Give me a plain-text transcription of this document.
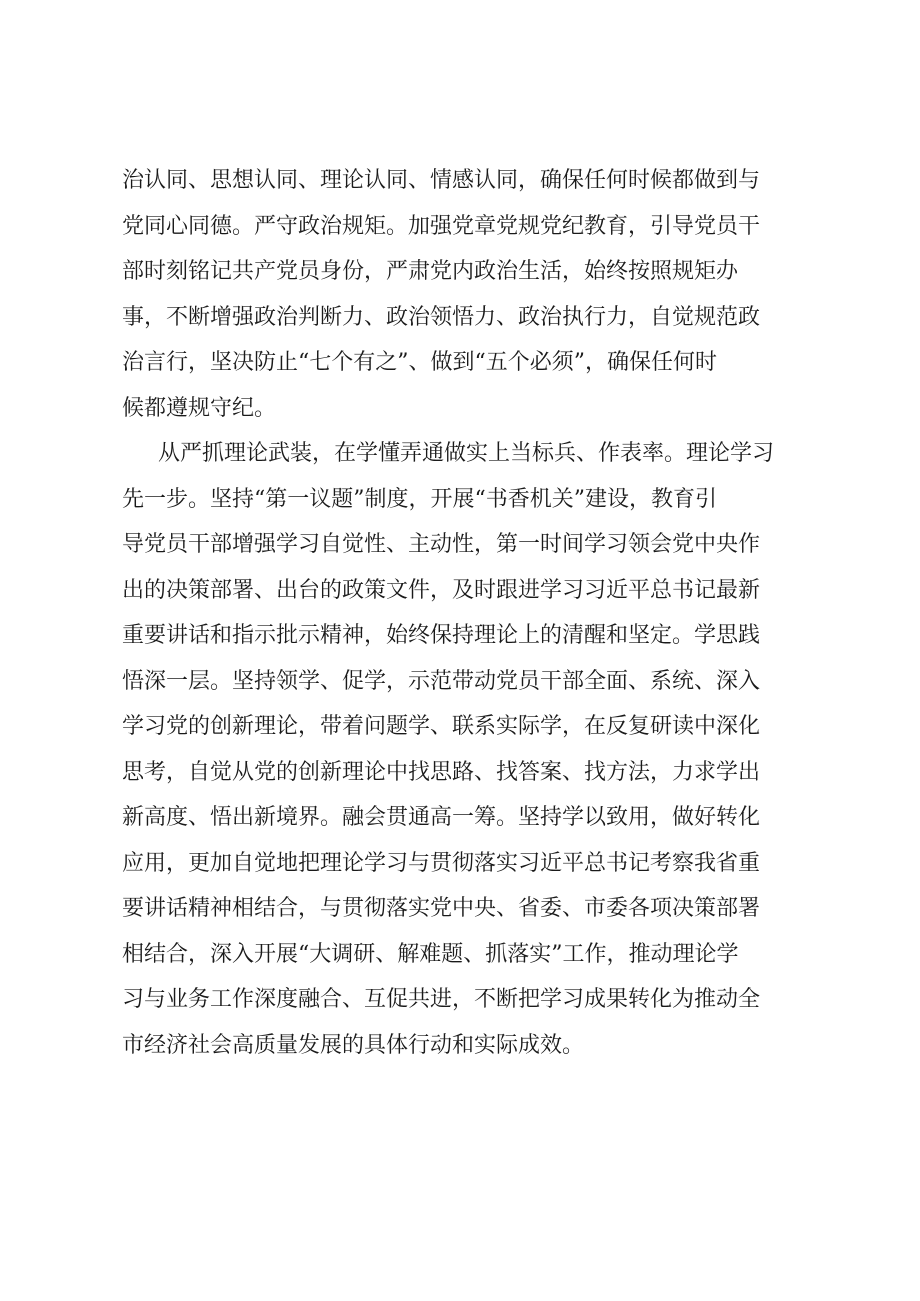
治认同、思想认同、理论认同、情感认同，确保任何时候都做到与
党同心同德。严守政治规矩。加强党章党规党纪教育，引导党员干
部时刻铭记共产党员身份，严肃党内政治生活，始终按照规矩办
事，不断增强政治判断力、政治领悟力、政治执行力，自觉规范政
治言行，坚决防止“七个有之”、做到“五个必须”，确保任何时
候都遵规守纪。
从严抓理论武装，在学懂弄通做实上当标兵、作表率。理论学习
先一步。坚持“第一议题”制度，开展“书香机关”建设，教育引
导党员干部增强学习自觉性、主动性，第一时间学习领会党中央作
出的决策部署、出台的政策文件，及时跟进学习习近平总书记最新
重要讲话和指示批示精神，始终保持理论上的清醒和坚定。学思践
悟深一层。坚持领学、促学，示范带动党员干部全面、系统、深入
学习党的创新理论，带着问题学、联系实际学，在反复研读中深化
思考，自觉从党的创新理论中找思路、找答案、找方法，力求学出
新高度、悟出新境界。融会贯通高一筹。坚持学以致用，做好转化
应用，更加自觉地把理论学习与贯彻落实习近平总书记考察我省重
要讲话精神相结合，与贯彻落实党中央、省委、市委各项决策部署
相结合，深入开展“大调研、解难题、抓落实”工作，推动理论学
习与业务工作深度融合、互促共进，不断把学习成果转化为推动全
市经济社会高质量发展的具体行动和实际成效。
